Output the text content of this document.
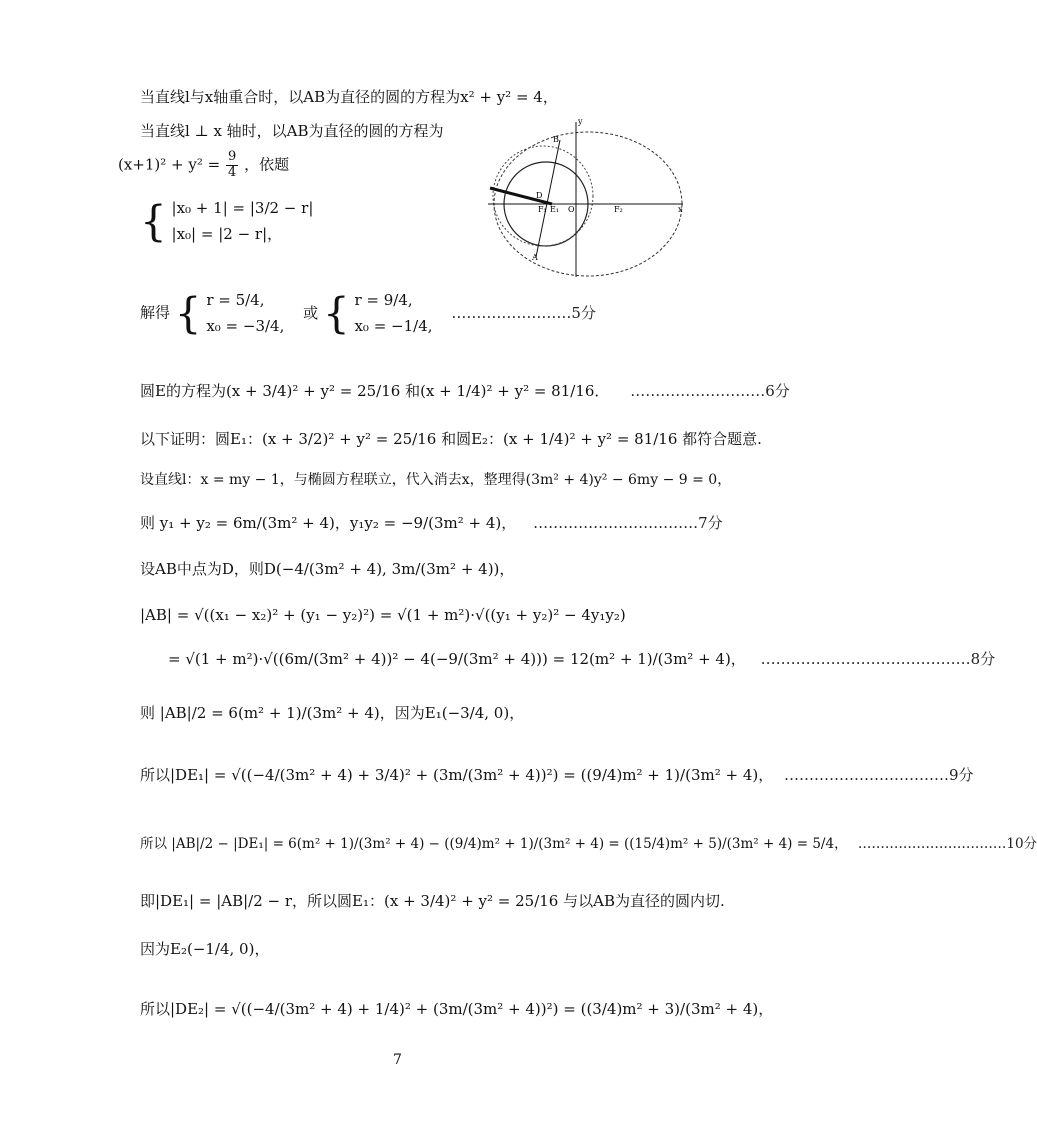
当直线l与x轴重合时，以AB为直径的圆的方程为x² + y² = 4，
当直线l ⊥ x 轴时，以AB为直径的圆的方程为
$(x+1)^2 + y^2 = \frac{9}{4}$ ，依题
{ |x₀ + 1| = |3/2 − r|
|x₀| = |2 − r|，
解得 { r = 5/4,
x₀ = −3/4,
或 { r = 9/4,
x₀ = −1/4,
……………………5分
圆E的方程为(x + 3/4)² + y² = 25/16 和(x + 1/4)² + y² = 81/16． ………………………6分
以下证明：圆E₁：(x + 3/2)² + y² = 25/16 和圆E₂：(x + 1/4)² + y² = 81/16 都符合题意.
设直线l：x = my − 1，与椭圆方程联立，代入消去x，整理得(3m² + 4)y² − 6my − 9 = 0，
则 y₁ + y₂ = 6m/(3m² + 4)，y₁y₂ = −9/(3m² + 4)， ……………………………7分
设AB中点为D，则D(−4/(3m² + 4), 3m/(3m² + 4))，
|AB| = √((x₁ − x₂)² + (y₁ − y₂)²) = √(1 + m²)·√((y₁ + y₂)² − 4y₁y₂)
= √(1 + m²)·√((6m/(3m² + 4))² − 4(−9/(3m² + 4))) = 12(m² + 1)/(3m² + 4)， ……………………………………8分
则 |AB|/2 = 6(m² + 1)/(3m² + 4)，因为E₁(−3/4, 0)，
所以|DE₁| = √((−4/(3m² + 4) + 3/4)² + (3m/(3m² + 4))²) = ((9/4)m² + 1)/(3m² + 4)， ……………………………9分
所以 |AB|/2 − |DE₁| = 6(m² + 1)/(3m² + 4) − ((9/4)m² + 1)/(3m² + 4) = ((15/4)m² + 5)/(3m² + 4) = 5/4， ……………………………10分
即|DE₁| = |AB|/2 − r，所以圆E₁：(x + 3/4)² + y² = 25/16 与以AB为直径的圆内切.
因为E₂(−1/4, 0)，
所以|DE₂| = √((−4/(3m² + 4) + 1/4)² + (3m/(3m² + 4))²) = ((3/4)m² + 3)/(3m² + 4)，
7
y
x
B
A
D
F₁ E₁ O	F₂
